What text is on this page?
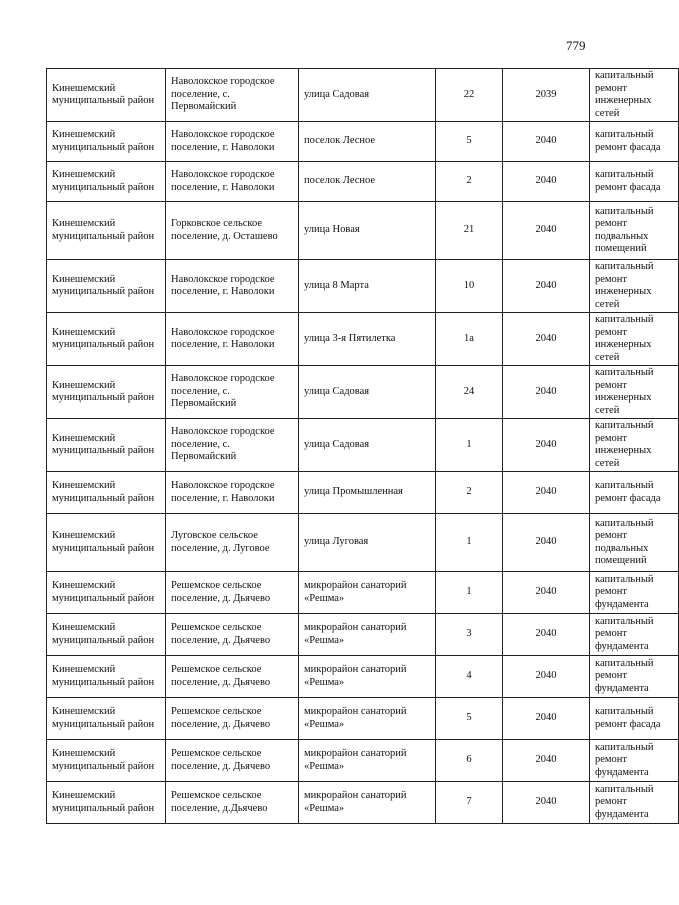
779
Кинешемский муниципальный район	Наволокское городское поселение, с. Первомайский	улица Садовая	22	2039	капитальный ремонт инженерных сетей
Кинешемский муниципальный район	Наволокское городское поселение, г. Наволоки	поселок Лесное	5	2040	капитальный ремонт фасада
Кинешемский муниципальный район	Наволокское городское поселение, г. Наволоки	поселок Лесное	2	2040	капитальный ремонт фасада
Кинешемский муниципальный район	Горковское сельское поселение, д. Осташево	улица Новая	21	2040	капитальный ремонт подвальных помещений
Кинешемский муниципальный район	Наволокское городское поселение, г. Наволоки	улица 8 Марта	10	2040	капитальный ремонт инженерных сетей
Кинешемский муниципальный район	Наволокское городское поселение, г. Наволоки	улица 3-я Пятилетка	1а	2040	капитальный ремонт инженерных сетей
Кинешемский муниципальный район	Наволокское городское поселение, с. Первомайский	улица Садовая	24	2040	капитальный ремонт инженерных сетей
Кинешемский муниципальный район	Наволокское городское поселение, с. Первомайский	улица Садовая	1	2040	капитальный ремонт инженерных сетей
Кинешемский муниципальный район	Наволокское городское поселение, г. Наволоки	улица Промышленная	2	2040	капитальный ремонт фасада
Кинешемский муниципальный район	Луговское сельское поселение, д. Луговое	улица Луговая	1	2040	капитальный ремонт подвальных помещений
Кинешемский муниципальный район	Решемское сельское поселение, д. Дьячево	микрорайон санаторий «Решма»	1	2040	капитальный ремонт фундамента
Кинешемский муниципальный район	Решемское сельское поселение, д. Дьячево	микрорайон санаторий «Решма»	3	2040	капитальный ремонт фундамента
Кинешемский муниципальный район	Решемское сельское поселение, д. Дьячево	микрорайон санаторий «Решма»	4	2040	капитальный ремонт фундамента
Кинешемский муниципальный район	Решемское сельское поселение, д. Дьячево	микрорайон санаторий «Решма»	5	2040	капитальный ремонт фасада
Кинешемский муниципальный район	Решемское сельское поселение, д. Дьячево	микрорайон санаторий «Решма»	6	2040	капитальный ремонт фундамента
Кинешемский муниципальный район	Решемское сельское поселение, д.Дьячево	микрорайон санаторий «Решма»	7	2040	капитальный ремонт фундамента
